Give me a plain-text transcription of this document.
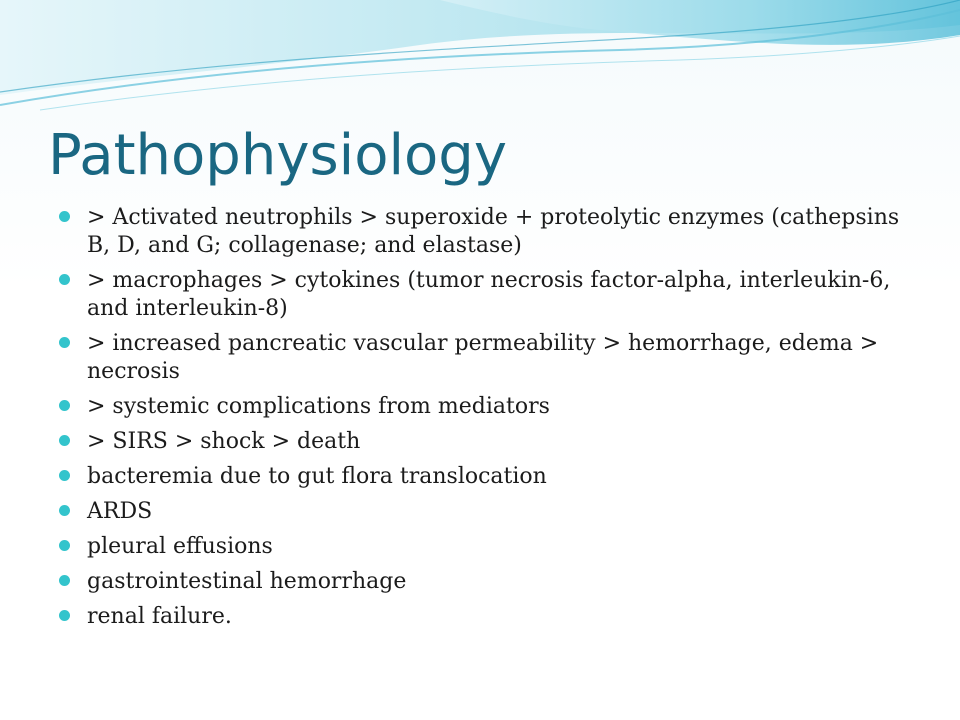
Pathophysiology
> Activated neutrophils > superoxide + proteolytic enzymes (cathepsins B, D, and G; collagenase; and elastase)
> macrophages > cytokines (tumor necrosis factor-alpha, interleukin-6, and interleukin-8)
> increased pancreatic vascular permeability > hemorrhage, edema > necrosis
> systemic complications from mediators
> SIRS > shock > death
bacteremia due to gut flora translocation
ARDS
pleural effusions
gastrointestinal hemorrhage
renal failure.
